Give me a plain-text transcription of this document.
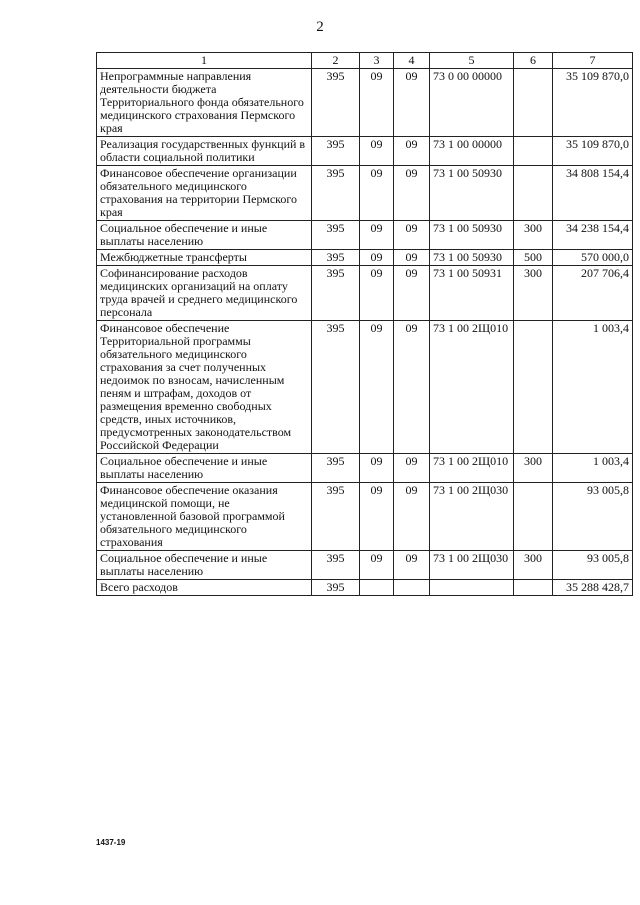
2
1	2	3	4	5	6	7
Непрограммные направления деятельности бюджета Территориального фонда обязательного медицинского страхования Пермского края	395	09	09	73 0 00 00000		35 109 870,0
Реализация государственных функций в области социальной политики	395	09	09	73 1 00 00000		35 109 870,0
Финансовое обеспечение организации обязательного медицинского страхования на территории Пермского края	395	09	09	73 1 00 50930		34 808 154,4
Социальное обеспечение и иные выплаты населению	395	09	09	73 1 00 50930	300	34 238 154,4
Межбюджетные трансферты	395	09	09	73 1 00 50930	500	570 000,0
Софинансирование расходов медицинских организаций на оплату труда врачей и среднего медицинского персонала	395	09	09	73 1 00 50931	300	207 706,4
Финансовое обеспечение Территориальной программы обязательного медицинского страхования за счет полученных недоимок по взносам, начисленным пеням и штрафам, доходов от размещения временно свободных средств, иных источников, предусмотренных законодательством Российской Федерации	395	09	09	73 1 00 2Щ010		1 003,4
Социальное обеспечение и иные выплаты населению	395	09	09	73 1 00 2Щ010	300	1 003,4
Финансовое обеспечение оказания медицинской помощи, не установленной базовой программой обязательного медицинского страхования	395	09	09	73 1 00 2Щ030		93 005,8
Социальное обеспечение и иные выплаты населению	395	09	09	73 1 00 2Щ030	300	93 005,8
Всего расходов	395					35 288 428,7
1437-19
